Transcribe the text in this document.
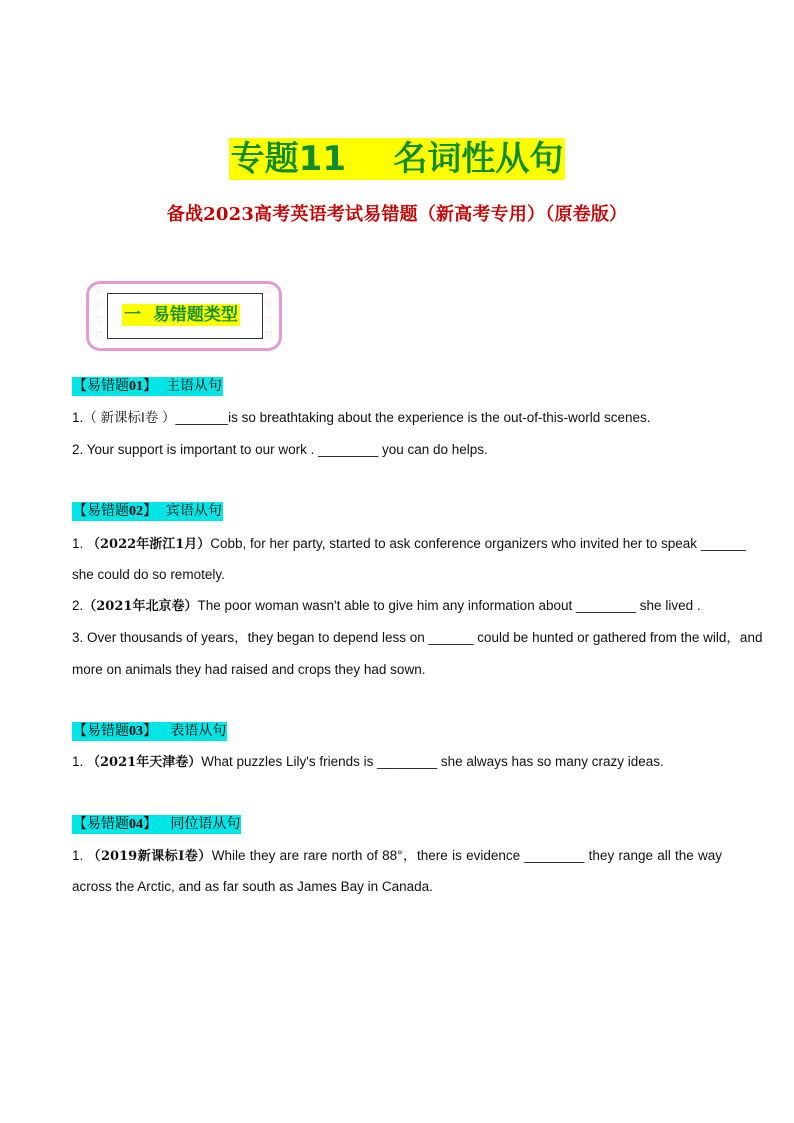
专题11    名词性从句
备战2023高考英语考试易错题（新高考专用）（原卷版）
♡
♡
♡
♡
♡
♡
♡
♡
一  易错题类型
【易错题01】  主语从句
1.（ 新课标I卷 ）_______is so breathtaking about the experience is the out-of-this-world scenes.
2. Your support is important to our work . ________ you can do helps.
【易错题02】  宾语从句
1. （2022年浙江1月）Cobb, for her party, started to ask conference organizers who invited her to speak ______
she could do so remotely.
2.（2021年北京卷）The poor woman wasn't able to give him any information about ________ she lived .
3. Over thousands of years，they began to depend less on ______ could be hunted or gathered from the wild，and
more on animals they had raised and crops they had sown.
【易错题03】   表语从句
1. （2021年天津卷）What puzzles Lily's friends is ________ she always has so many crazy ideas.
【易错题04】   同位语从句
1. （2019新课标I卷）While they are rare north of 88°，there is evidence ________ they range all the way
across the Arctic, and as far south as James Bay in Canada.
